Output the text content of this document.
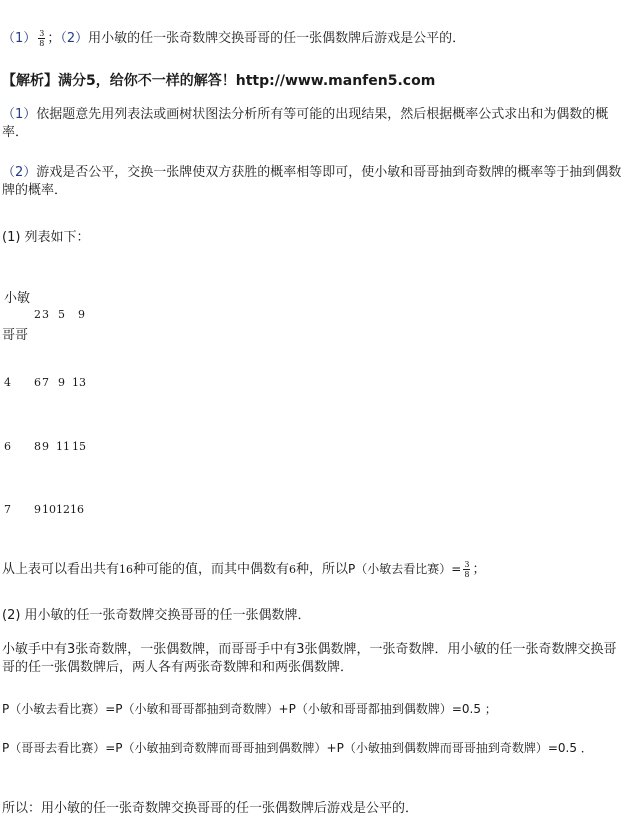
$(1) \frac{3}{8}$ ；（2）用小敏的任一张奇数牌交换哥哥的任一张偶数牌后游戏是公平的．
【解析】满分5，给你不一样的解答！http://www.manfen5.com
（1）依据题意先用列表法或画树状图法分析所有等可能的出现结果，然后根据概率公式求出和为偶数的概率．
（2）游戏是否公平，交换一张牌使双方获胜的概率相等即可，使小敏和哥哥抽到奇数牌的概率等于抽到偶数牌的概率．
(1) 列表如下：
小敏
23 5 9
哥哥
4 67 9 13
6 89 11 15
7 9101216
从上表可以看出共有16种可能的值，而其中偶数有6种，所以P（小敏去看比赛）= $\frac{3}{8}$ ；
(2) 用小敏的任一张奇数牌交换哥哥的任一张偶数牌．
小敏手中有3张奇数牌，一张偶数牌，而哥哥手中有3张偶数牌，一张奇数牌．用小敏的任一张奇数牌交换哥哥的任一张偶数牌后，两人各有两张奇数牌和和两张偶数牌．
P（小敏去看比赛）=P（小敏和哥哥都抽到奇数牌）+P（小敏和哥哥都抽到偶数牌）=0.5 ；
P（哥哥去看比赛）=P（小敏抽到奇数牌而哥哥抽到偶数牌）+P（小敏抽到偶数牌而哥哥抽到奇数牌）=0.5 ．
所以：用小敏的任一张奇数牌交换哥哥的任一张偶数牌后游戏是公平的．
